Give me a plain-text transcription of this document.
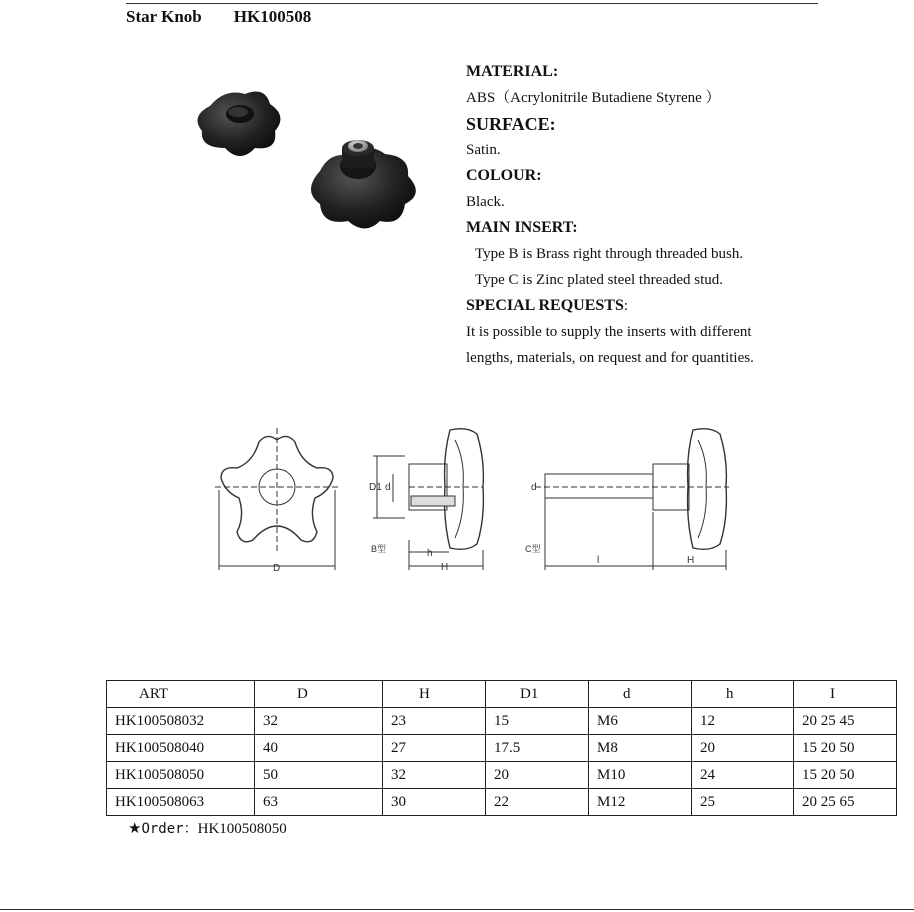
Star Knob HK100508
MATERIAL:
ABS（Acrylonitrile Butadiene Styrene ）
SURFACE:
Satin.
COLOUR:
Black.
MAIN INSERT:
Type B is Brass right through threaded bush.
Type C is Zinc plated steel threaded stud.
SPECIAL REQUESTS:
It is possible to supply the inserts with different
lengths, materials, on request and for quantities.
D
D1 d
h
H
B型
d
l	H
C型
ART	D	H	D1	d	h	I
HK100508032	32	23	15	M6	12	20 25 45
HK100508040	40	27	17.5	M8	20	15 20 50
HK100508050	50	32	20	M10	24	15 20 50
HK100508063	63	30	22	M12	25	20 25 65
★Order：HK100508050
